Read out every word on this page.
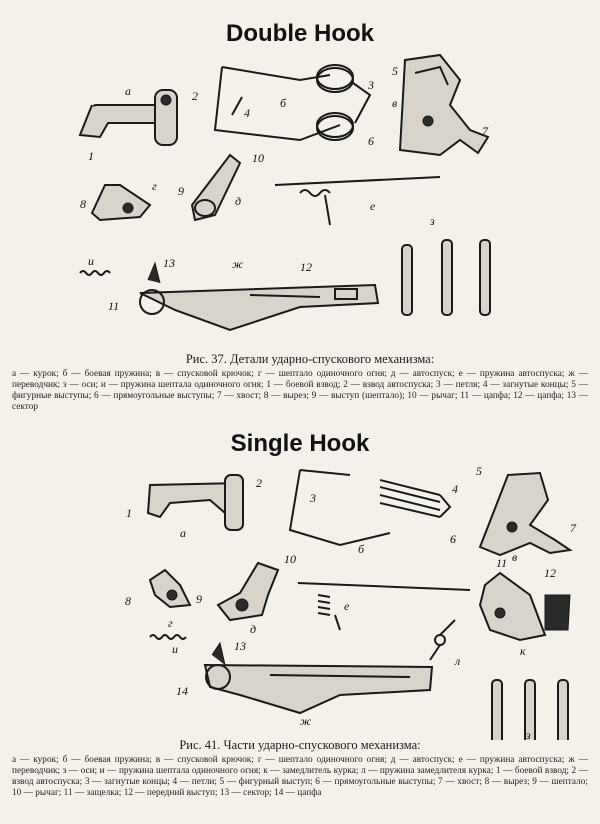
Double Hook
а	2
1
б
4
3
5
в
7
6
г
8
10
9
д	е
з
и	13	ж	12
11
Рис. 37. Детали ударно-спускового механизма:
а — курок; б — боевая пружина; в — спусковой крючок; г — шептало одиночного огня; д — автоспуск; е — пружина автоспуска; ж — переводчик; з — оси; и — пружина шептала одиночного огня; 1 — боевой взвод; 2 — взвод автоспуска; 3 — петля; 4 — загнутые концы; 5 — фигурные выступы; 6 — прямоугольные выступы; 7 — хвост; 8 — вырез; 9 — выступ (шептало); 10 — рычаг; 11 — цапфа; 12 — цапфа; 13 — сектор
Single Hook
2
1
а
3
4
б
5
7
6
в
8
г
10
9
д
е
и
л
11
12
к
13
14
ж
з
Рис. 41. Части ударно-спускового механизма:
а — курок; б — боевая пружина; в — спусковой крючок; г — шептало одиночного огня; д — автоспуск; е — пружина автоспуска; ж — переводчик; з — оси; и — пружина шептала одиночного огня; к — замедлитель курка; л — пружина замедлителя курка; 1 — боевой взвод; 2 — взвод автоспуска; 3 — загнутые концы; 4 — петли; 5 — фигурный выступ; 6 — прямоугольные выступы; 7 — хвост; 8 — вырез; 9 — шептало; 10 — рычаг; 11 — защелка; 12 — передний выступ; 13 — сектор; 14 — цапфа
